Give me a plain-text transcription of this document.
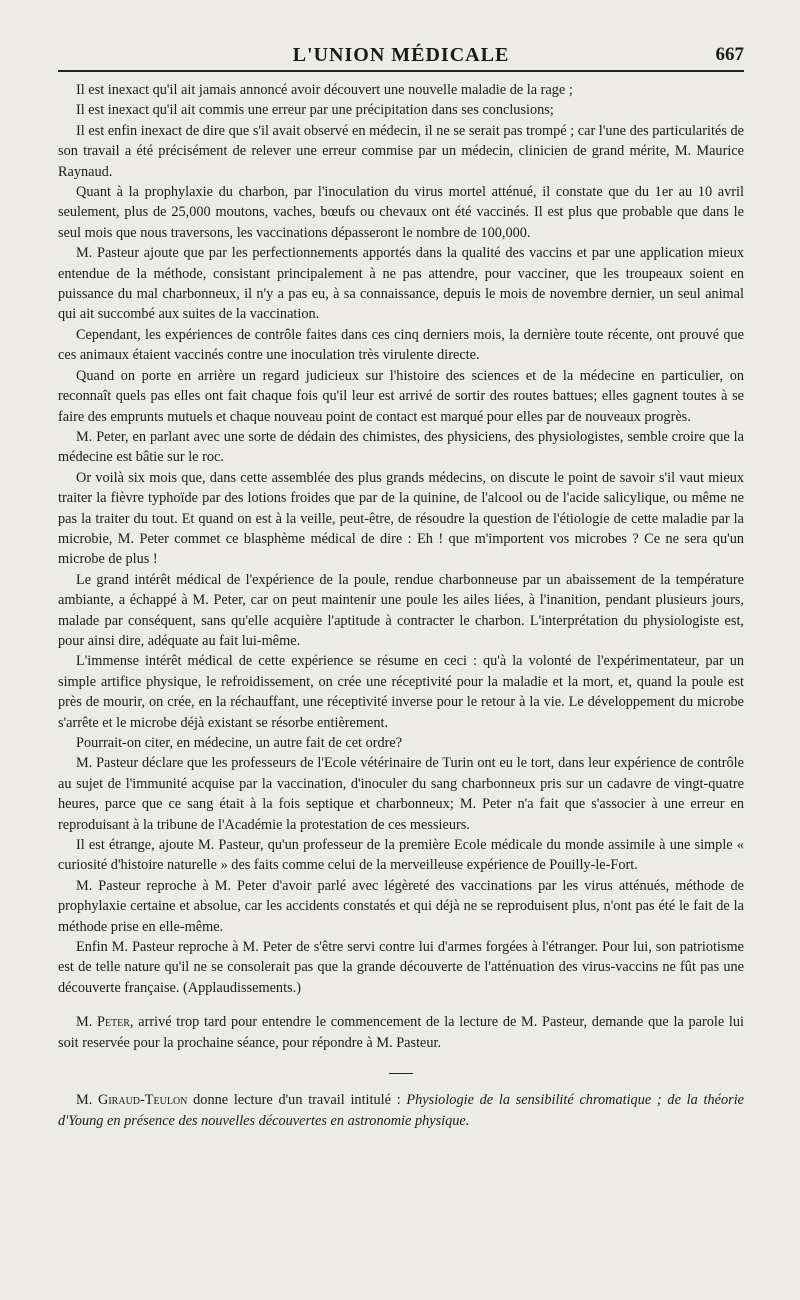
L'UNION MÉDICALE	667

Il est inexact qu'il ait jamais annoncé avoir découvert une nouvelle maladie de la rage ;

Il est inexact qu'il ait commis une erreur par une précipitation dans ses conclusions;

Il est enfin inexact de dire que s'il avait observé en médecin, il ne se serait pas trompé ; car l'une des particularités de son travail a été précisément de relever une erreur commise par un médecin, clinicien de grand mérite, M. Maurice Raynaud.

Quant à la prophylaxie du charbon, par l'inoculation du virus mortel atténué, il constate que du 1er au 10 avril seulement, plus de 25,000 moutons, vaches, bœufs ou chevaux ont été vaccinés. Il est plus que probable que dans le seul mois que nous traversons, les vaccinations dépasseront le nombre de 100,000.

M. Pasteur ajoute que par les perfectionnements apportés dans la qualité des vaccins et par une application mieux entendue de la méthode, consistant principalement à ne pas attendre, pour vacciner, que les troupeaux soient en puissance du mal charbonneux, il n'y a pas eu, à sa connaissance, depuis le mois de novembre dernier, un seul animal qui ait succombé aux suites de la vaccination.

Cependant, les expériences de contrôle faites dans ces cinq derniers mois, la dernière toute récente, ont prouvé que ces animaux étaient vaccinés contre une inoculation très virulente directe.

Quand on porte en arrière un regard judicieux sur l'histoire des sciences et de la médecine en particulier, on reconnaît quels pas elles ont fait chaque fois qu'il leur est arrivé de sortir des routes battues; elles gagnent toutes à se faire des emprunts mutuels et chaque nouveau point de contact est marqué pour elles par de nouveaux progrès.

M. Peter, en parlant avec une sorte de dédain des chimistes, des physiciens, des physiologistes, semble croire que la médecine est bâtie sur le roc.

Or voilà six mois que, dans cette assemblée des plus grands médecins, on discute le point de savoir s'il vaut mieux traiter la fièvre typhoïde par des lotions froides que par de la quinine, de l'alcool ou de l'acide salicylique, ou même ne pas la traiter du tout. Et quand on est à la veille, peut-être, de résoudre la question de l'étiologie de cette maladie par la microbie, M. Peter commet ce blasphème médical de dire : Eh ! que m'importent vos microbes ? Ce ne sera qu'un microbe de plus !

Le grand intérêt médical de l'expérience de la poule, rendue charbonneuse par un abaissement de la température ambiante, a échappé à M. Peter, car on peut maintenir une poule les ailes liées, à l'inanition, pendant plusieurs jours, malade par conséquent, sans qu'elle acquière l'aptitude à contracter le charbon. L'interprétation du physiologiste est, pour ainsi dire, adéquate au fait lui-même.

L'immense intérêt médical de cette expérience se résume en ceci : qu'à la volonté de l'expérimentateur, par un simple artifice physique, le refroidissement, on crée une réceptivité pour la maladie et la mort, et, quand la poule est près de mourir, on crée, en la réchauffant, une réceptivité inverse pour le retour à la vie. Le développement du microbe s'arrête et le microbe déjà existant se résorbe entièrement.

Pourrait-on citer, en médecine, un autre fait de cet ordre?

M. Pasteur déclare que les professeurs de l'Ecole vétérinaire de Turin ont eu le tort, dans leur expérience de contrôle au sujet de l'immunité acquise par la vaccination, d'inoculer du sang charbonneux pris sur un cadavre de vingt-quatre heures, parce que ce sang était à la fois septique et charbonneux; M. Peter n'a fait que s'associer à une erreur en reproduisant à la tribune de l'Académie la protestation de ces messieurs.

Il est étrange, ajoute M. Pasteur, qu'un professeur de la première Ecole médicale du monde assimile à une simple « curiosité d'histoire naturelle » des faits comme celui de la merveilleuse expérience de Pouilly-le-Fort.

M. Pasteur reproche à M. Peter d'avoir parlé avec légèreté des vaccinations par les virus atténués, méthode de prophylaxie certaine et absolue, car les accidents constatés et qui déjà ne se reproduisent plus, n'ont pas été le fait de la méthode prise en elle-même.

Enfin M. Pasteur reproche à M. Peter de s'être servi contre lui d'armes forgées à l'étranger. Pour lui, son patriotisme est de telle nature qu'il ne se consolerait pas que la grande découverte de l'atténuation des virus-vaccins ne fût pas une découverte française. (Applaudissements.)

M. Peter, arrivé trop tard pour entendre le commencement de la lecture de M. Pasteur, demande que la parole lui soit reservée pour la prochaine séance, pour répondre à M. Pasteur.

M. Giraud-Teulon donne lecture d'un travail intitulé : Physiologie de la sensibilité chromatique ; de la théorie d'Young en présence des nouvelles découvertes en astronomie physique.
